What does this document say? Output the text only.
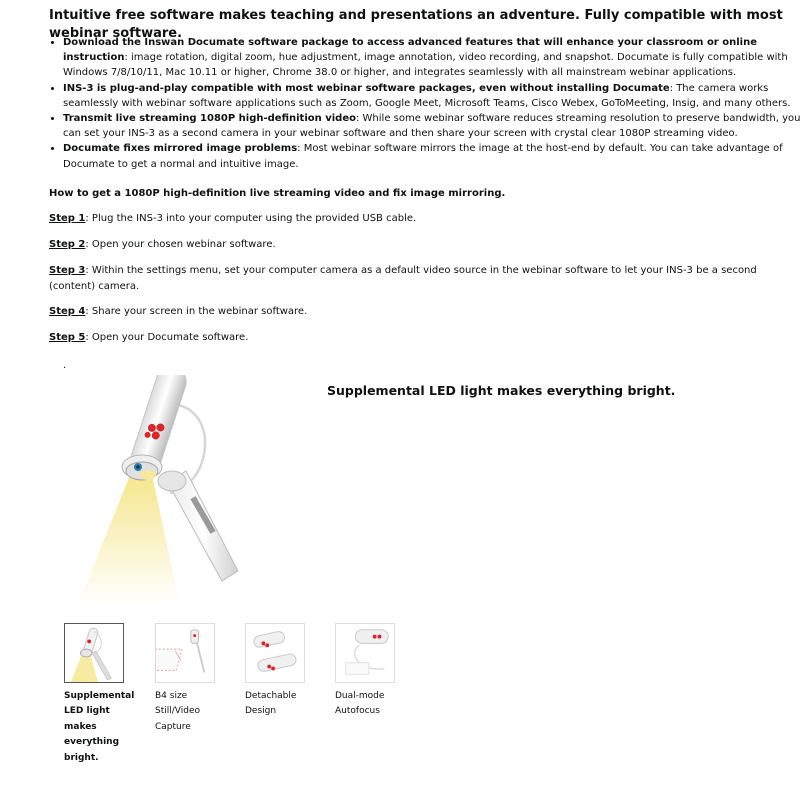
Intuitive free software makes teaching and presentations an adventure. Fully compatible with most webinar software.

• Download the Inswan Documate software package to access advanced features that will enhance your classroom or online instruction: image rotation, digital zoom, hue adjustment, image annotation, video recording, and snapshot. Documate is fully compatible with Windows 7/8/10/11, Mac 10.11 or higher, Chrome 38.0 or higher, and integrates seamlessly with all mainstream webinar applications.
• INS-3 is plug-and-play compatible with most webinar software packages, even without installing Documate: The camera works seamlessly with webinar software applications such as Zoom, Google Meet, Microsoft Teams, Cisco Webex, GoToMeeting, Insig, and many others.
• Transmit live streaming 1080P high-definition video: While some webinar software reduces streaming resolution to preserve bandwidth, you can set your INS-3 as a second camera in your webinar software and then share your screen with crystal clear 1080P streaming video.
• Documate fixes mirrored image problems: Most webinar software mirrors the image at the host-end by default. You can take advantage of Documate to get a normal and intuitive image.

How to get a 1080P high-definition live streaming video and fix image mirroring.

Step 1: Plug the INS-3 into your computer using the provided USB cable.

Step 2: Open your chosen webinar software.

Step 3: Within the settings menu, set your computer camera as a default video source in the webinar software to let your INS-3 be a second (content) camera.

Step 4: Share your screen in the webinar software.

Step 5: Open your Documate software.

.

Supplemental LED light makes everything bright.

Supplemental LED light makes everything bright.

B4 size Still/Video Capture

Detachable Design

Dual-mode Autofocus
